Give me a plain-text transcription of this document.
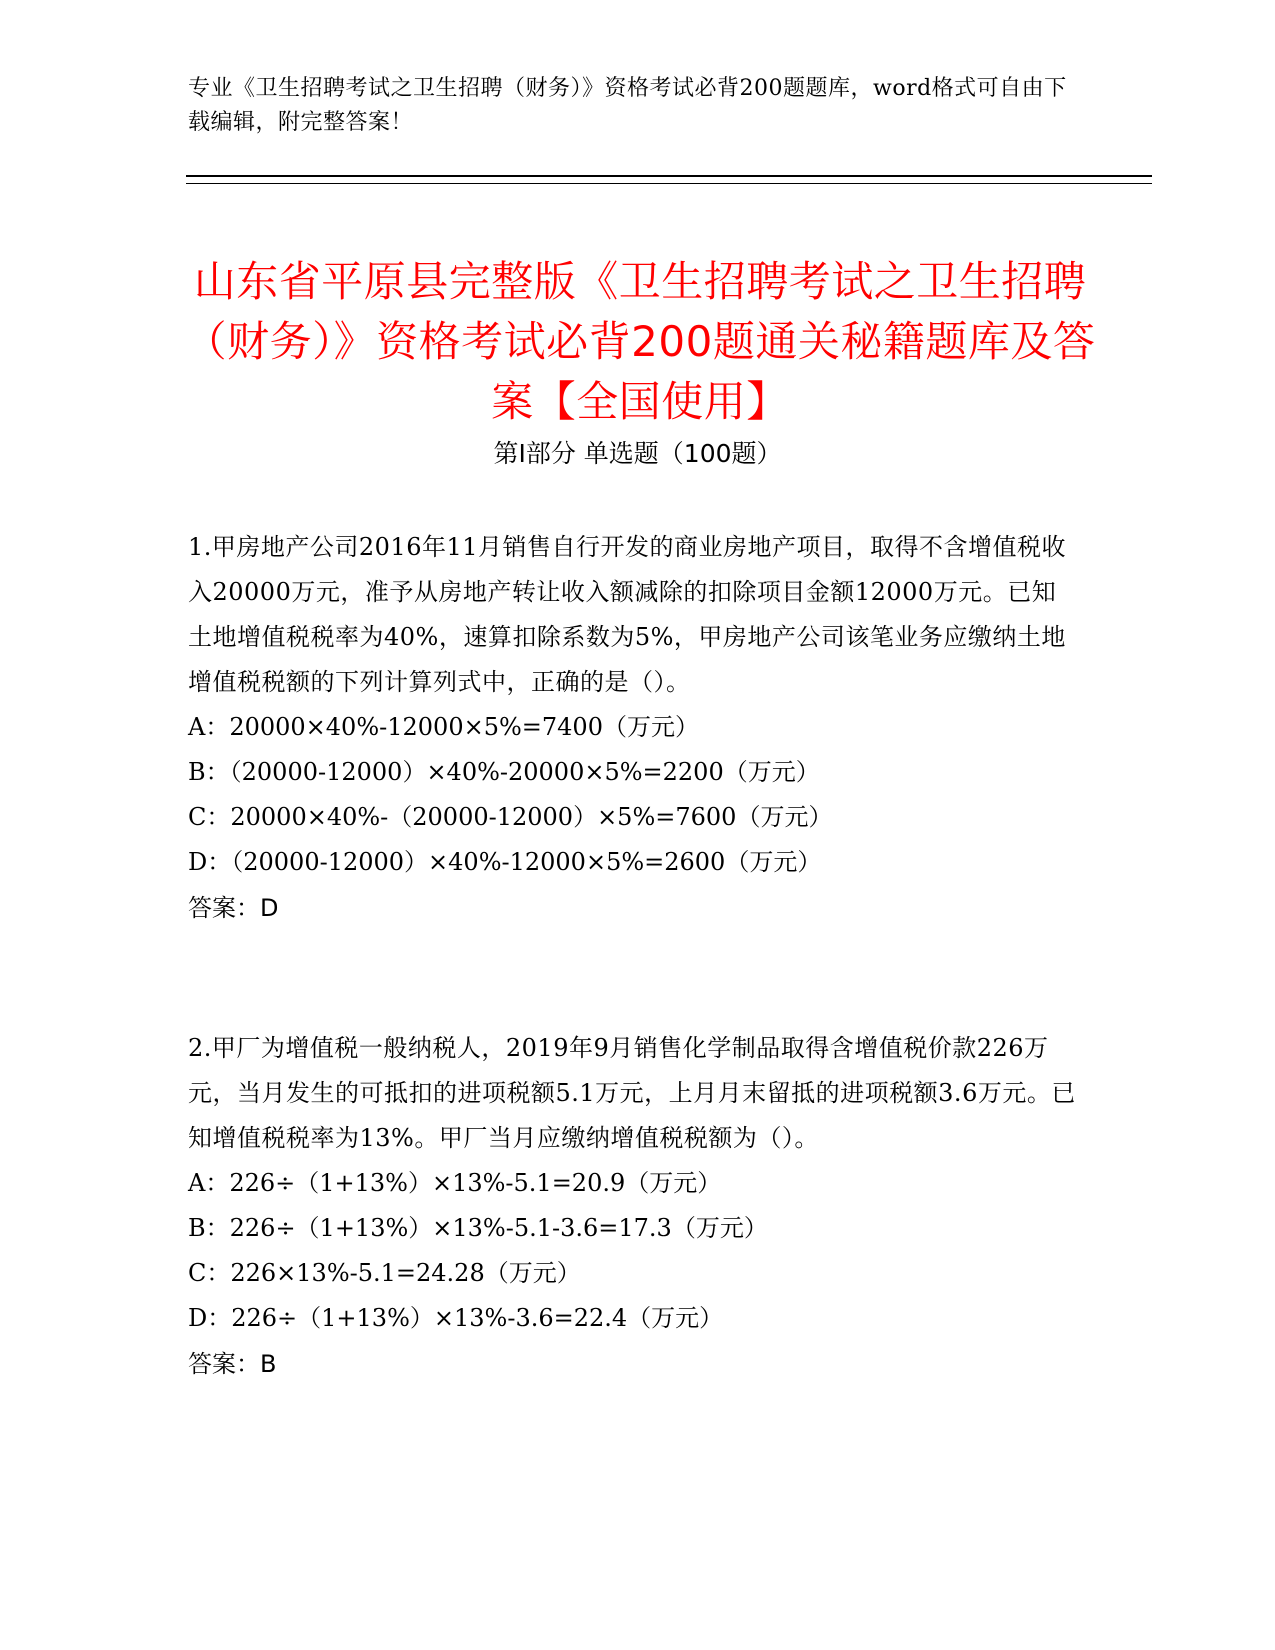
专业《卫生招聘考试之卫生招聘（财务）》资格考试必背200题题库，word格式可自由下载编辑，附完整答案！
山东省平原县完整版《卫生招聘考试之卫生招聘（财务）》资格考试必背200题通关秘籍题库及答案【全国使用】
第I部分 单选题（100题）
1.甲房地产公司2016年11月销售自行开发的商业房地产项目，取得不含增值税收入20000万元，准予从房地产转让收入额减除的扣除项目金额12000万元。已知土地增值税税率为40%，速算扣除系数为5%，甲房地产公司该笔业务应缴纳土地增值税税额的下列计算列式中，正确的是（）。
A：20000×40%-12000×5%=7400（万元）
B：（20000-12000）×40%-20000×5%=2200（万元）
C：20000×40%-（20000-12000）×5%=7600（万元）
D：（20000-12000）×40%-12000×5%=2600（万元）
答案：D
2.甲厂为增值税一般纳税人，2019年9月销售化学制品取得含增值税价款226万元，当月发生的可抵扣的进项税额5.1万元，上月月末留抵的进项税额3.6万元。已知增值税税率为13%。甲厂当月应缴纳增值税税额为（）。
A：226÷（1+13%）×13%-5.1=20.9（万元）
B：226÷（1+13%）×13%-5.1-3.6=17.3（万元）
C：226×13%-5.1=24.28（万元）
D：226÷（1+13%）×13%-3.6=22.4（万元）
答案：B
